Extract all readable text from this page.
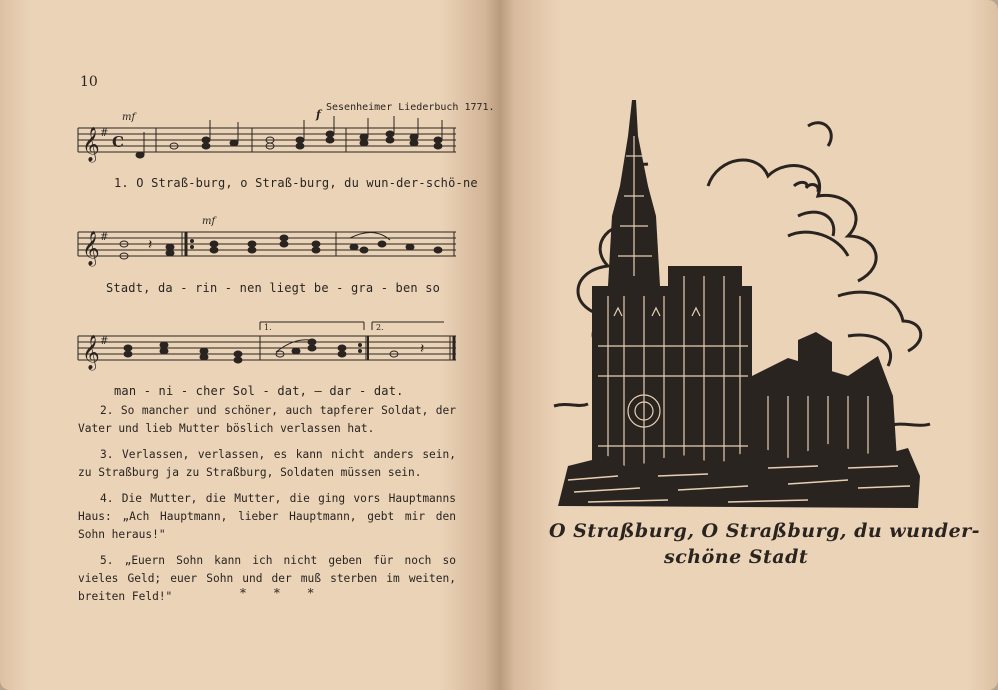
10
Sesenheimer Liederbuch 1771.
𝄞 # C
mf	f
1. O Straß-burg, o Straß-burg, du wun-der-schö-ne
𝄞 #
mf
𝄽
Stadt, da - rin - nen liegt be - gra - ben so
𝄞 #
1.	2.
𝄽
man - ni - cher Sol - dat, — dar - dat.

2. So mancher und schöner, auch tapferer Soldat, der Vater und lieb Mutter böslich verlassen hat.

3. Verlassen, verlassen, es kann nicht anders sein, zu Straßburg ja zu Straßburg, Soldaten müssen sein.

4. Die Mutter, die Mutter, die ging vors Hauptmanns Haus: „Ach Hauptmann, lieber Hauptmann, gebt mir den Sohn heraus!"

5. „Euern Sohn kann ich nicht geben für noch so vieles Geld; euer Sohn und der muß sterben im weiten, breiten Feld!"	* * *
O Straßburg, O Straßburg, du wunder-
schöne Stadt
